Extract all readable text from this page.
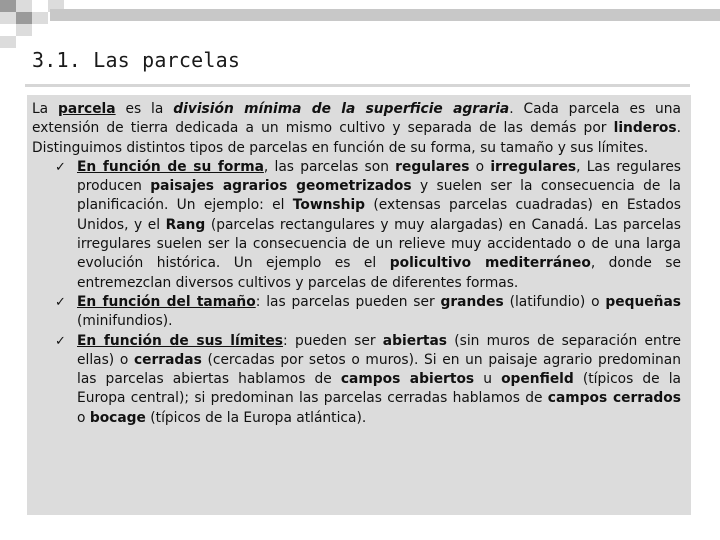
3.1. Las parcelas

La parcela es la división mínima de la superficie agraria. Cada parcela es una extensión de tierra dedicada a un mismo cultivo y separada de las demás por linderos. Distinguimos distintos tipos de parcelas en función de su forma, su tamaño y sus límites.

✓ En función de su forma, las parcelas son regulares o irregulares, Las regulares producen paisajes agrarios geometrizados y suelen ser la consecuencia de la planificación. Un ejemplo: el Township (extensas parcelas cuadradas) en Estados Unidos, y el Rang (parcelas rectangulares y muy alargadas) en Canadá. Las parcelas irregulares suelen ser la consecuencia de un relieve muy accidentado o de una larga evolución histórica. Un ejemplo es el policultivo mediterráneo, donde se entremezclan diversos cultivos y parcelas de diferentes formas.
✓ En función del tamaño: las parcelas pueden ser grandes (latifundio) o pequeñas (minifundios).
✓ En función de sus límites: pueden ser abiertas (sin muros de separación entre ellas) o cerradas (cercadas por setos o muros). Si en un paisaje agrario predominan las parcelas abiertas hablamos de campos abiertos u openfield (típicos de la Europa central); si predominan las parcelas cerradas hablamos de campos cerrados o bocage (típicos de la Europa atlántica).
